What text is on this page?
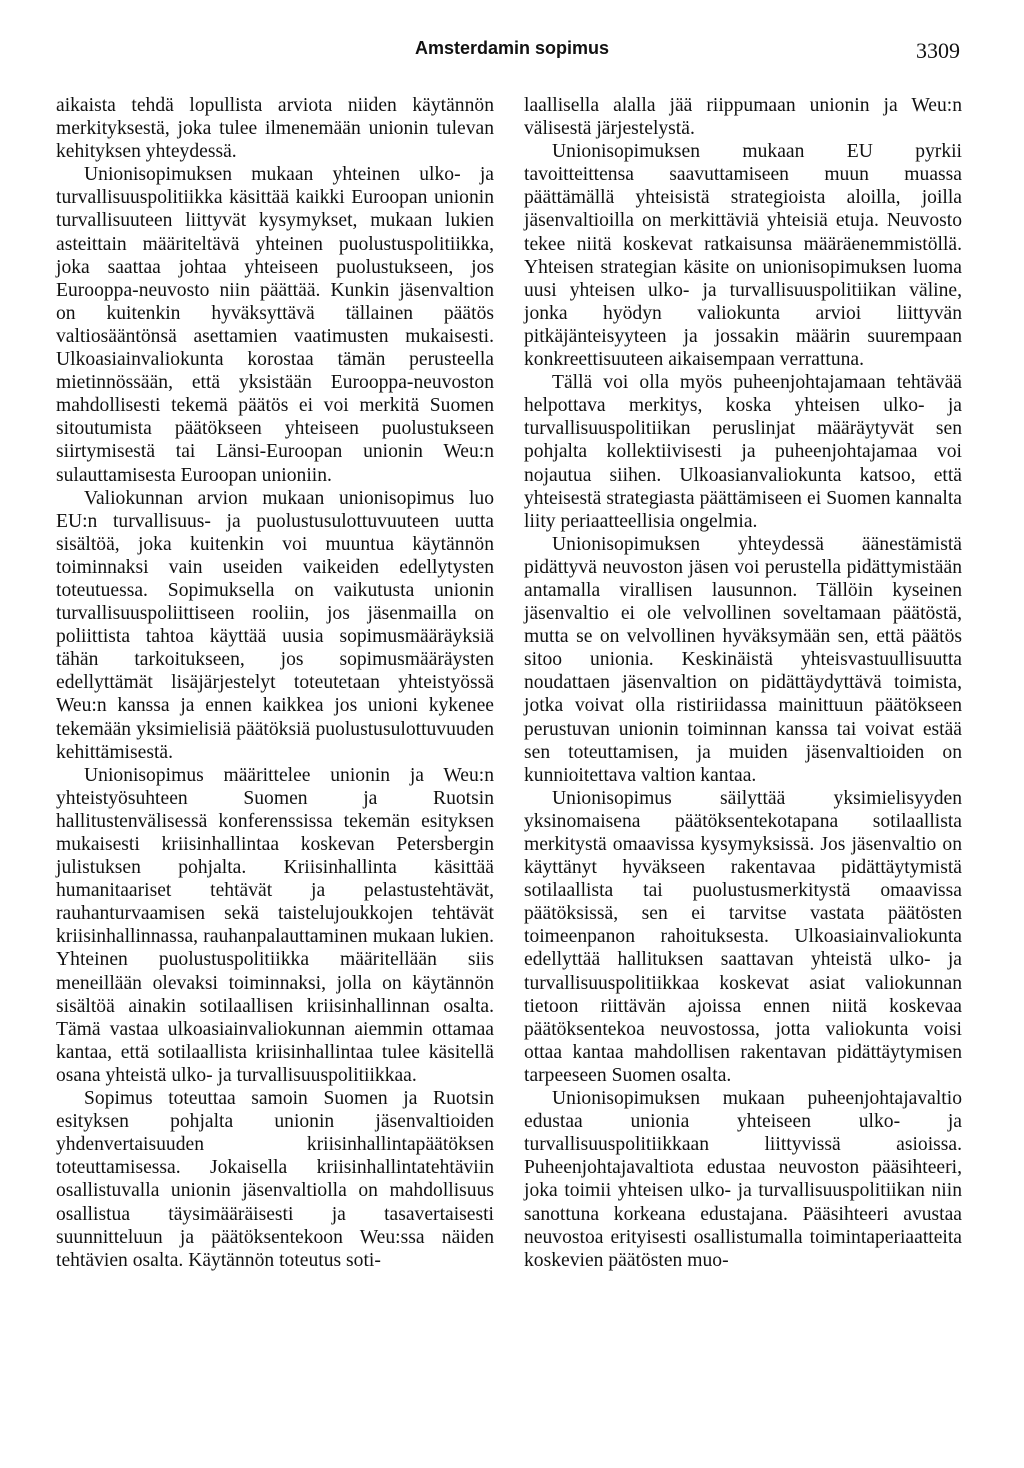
Amsterdamin sopimus	3309

aikaista tehdä lopullista arviota niiden käytännön merkityksestä, joka tulee ilmenemään unionin tulevan kehityksen yhteydessä.

Unionisopimuksen mukaan yhteinen ulko- ja turvallisuuspolitiikka käsittää kaikki Euroopan unionin turvallisuuteen liittyvät kysymykset, mukaan lukien asteittain määriteltävä yhteinen puolustuspolitiikka, joka saattaa johtaa yhteiseen puolustukseen, jos Eurooppa-neuvosto niin päättää. Kunkin jäsenvaltion on kuitenkin hyväksyttävä tällainen päätös valtiosääntönsä asettamien vaatimusten mukaisesti. Ulkoasiainvaliokunta korostaa tämän perusteella mietinnössään, että yksistään Eurooppa-neuvoston mahdollisesti tekemä päätös ei voi merkitä Suomen sitoutumista päätökseen yhteiseen puolustukseen siirtymisestä tai Länsi-Euroopan unionin Weu:n sulauttamisesta Euroopan unioniin.

Valiokunnan arvion mukaan unionisopimus luo EU:n turvallisuus- ja puolustusulottuvuuteen uutta sisältöä, joka kuitenkin voi muuntua käytännön toiminnaksi vain useiden vaikeiden edellytysten toteutuessa. Sopimuksella on vaikutusta unionin turvallisuuspoliittiseen rooliin, jos jäsenmailla on poliittista tahtoa käyttää uusia sopimusmääräyksiä tähän tarkoitukseen, jos sopimusmääräysten edellyttämät lisäjärjestelyt toteutetaan yhteistyössä Weu:n kanssa ja ennen kaikkea jos unioni kykenee tekemään yksimielisiä päätöksiä puolustusulottuvuuden kehittämisestä.

Unionisopimus määrittelee unionin ja Weu:n yhteistyösuhteen Suomen ja Ruotsin hallitustenvälisessä konferenssissa tekemän esityksen mukaisesti kriisinhallintaa koskevan Petersbergin julistuksen pohjalta. Kriisinhallinta käsittää humanitaariset tehtävät ja pelastustehtävät, rauhanturvaamisen sekä taistelujoukkojen tehtävät kriisinhallinnassa, rauhanpalauttaminen mukaan lukien. Yhteinen puolustuspolitiikka määritellään siis meneillään olevaksi toiminnaksi, jolla on käytännön sisältöä ainakin sotilaallisen kriisinhallinnan osalta. Tämä vastaa ulkoasiainvaliokunnan aiemmin ottamaa kantaa, että sotilaallista kriisinhallintaa tulee käsitellä osana yhteistä ulko- ja turvallisuuspolitiikkaa.

Sopimus toteuttaa samoin Suomen ja Ruotsin esityksen pohjalta unionin jäsenvaltioiden yhdenvertaisuuden kriisinhallintapäätöksen toteuttamisessa. Jokaisella kriisinhallintatehtäviin osallistuvalla unionin jäsenvaltiolla on mahdollisuus osallistua täysimääräisesti ja tasavertaisesti suunnitteluun ja päätöksentekoon Weu:ssa näiden tehtävien osalta. Käytännön toteutus soti-

laallisella alalla jää riippumaan unionin ja Weu:n välisestä järjestelystä.

Unionisopimuksen mukaan EU pyrkii tavoitteittensa saavuttamiseen muun muassa päättämällä yhteisistä strategioista aloilla, joilla jäsenvaltioilla on merkittäviä yhteisiä etuja. Neuvosto tekee niitä koskevat ratkaisunsa määräenemmistöllä. Yhteisen strategian käsite on unionisopimuksen luoma uusi yhteisen ulko- ja turvallisuuspolitiikan väline, jonka hyödyn valiokunta arvioi liittyvän pitkäjänteisyyteen ja jossakin määrin suurempaan konkreettisuuteen aikaisempaan verrattuna.

Tällä voi olla myös puheenjohtajamaan tehtävää helpottava merkitys, koska yhteisen ulko- ja turvallisuuspolitiikan peruslinjat määräytyvät sen pohjalta kollektiivisesti ja puheenjohtajamaa voi nojautua siihen. Ulkoasianvaliokunta katsoo, että yhteisestä strategiasta päättämiseen ei Suomen kannalta liity periaatteellisia ongelmia.

Unionisopimuksen yhteydessä äänestämistä pidättyvä neuvoston jäsen voi perustella pidättymistään antamalla virallisen lausunnon. Tällöin kyseinen jäsenvaltio ei ole velvollinen soveltamaan päätöstä, mutta se on velvollinen hyväksymään sen, että päätös sitoo unionia. Keskinäistä yhteisvastuullisuutta noudattaen jäsenvaltion on pidättäydyttävä toimista, jotka voivat olla ristiriidassa mainittuun päätökseen perustuvan unionin toiminnan kanssa tai voivat estää sen toteuttamisen, ja muiden jäsenvaltioiden on kunnioitettava valtion kantaa.

Unionisopimus säilyttää yksimielisyyden yksinomaisena päätöksentekotapana sotilaallista merkitystä omaavissa kysymyksissä. Jos jäsenvaltio on käyttänyt hyväkseen rakentavaa pidättäytymistä sotilaallista tai puolustusmerkitystä omaavissa päätöksissä, sen ei tarvitse vastata päätösten toimeenpanon rahoituksesta. Ulkoasiainvaliokunta edellyttää hallituksen saattavan yhteistä ulko- ja turvallisuuspolitiikkaa koskevat asiat valiokunnan tietoon riittävän ajoissa ennen niitä koskevaa päätöksentekoa neuvostossa, jotta valiokunta voisi ottaa kantaa mahdollisen rakentavan pidättäytymisen tarpeeseen Suomen osalta.

Unionisopimuksen mukaan puheenjohtajavaltio edustaa unionia yhteiseen ulko- ja turvallisuuspolitiikkaan liittyvissä asioissa. Puheenjohtajavaltiota edustaa neuvoston pääsihteeri, joka toimii yhteisen ulko- ja turvallisuuspolitiikan niin sanottuna korkeana edustajana. Pääsihteeri avustaa neuvostoa erityisesti osallistumalla toimintaperiaatteita koskevien päätösten muo-
